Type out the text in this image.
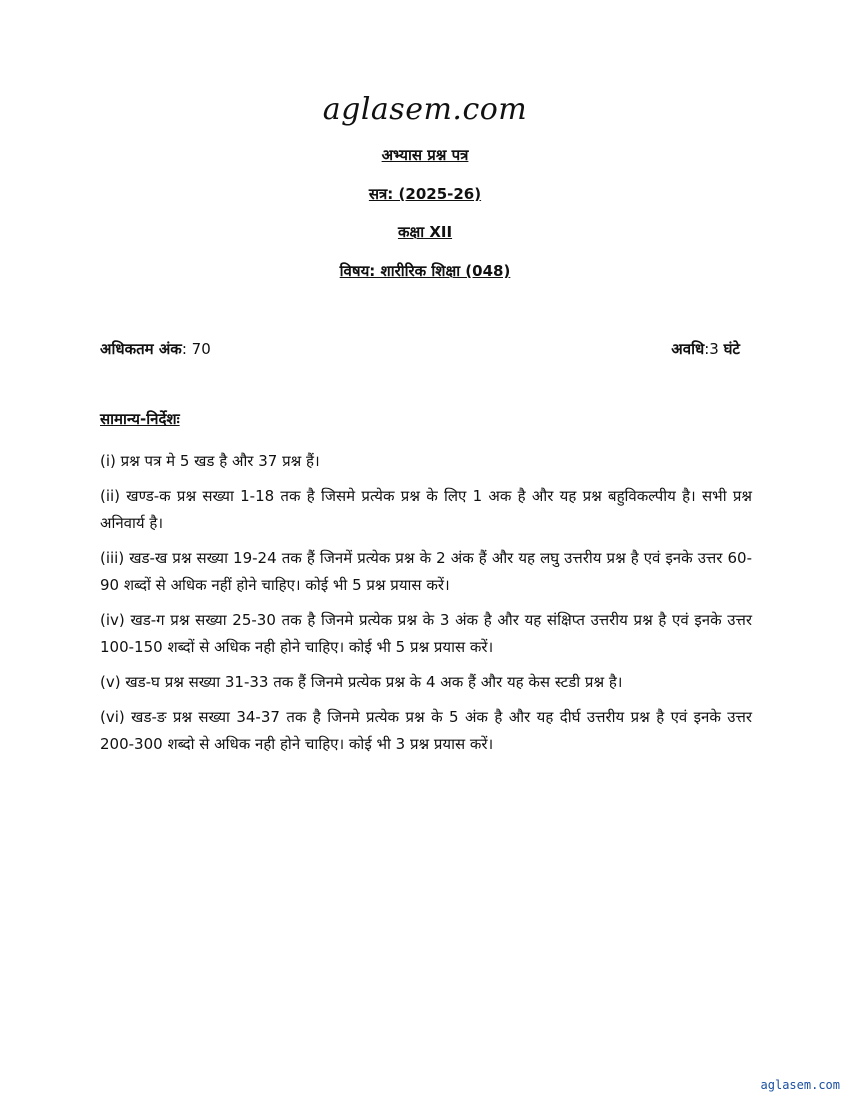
aglasem.com
अभ्यास प्रश्न पत्र
सत्र: (2025-26)
कक्षा XII
विषय: शारीरिक शिक्षा (048)
अधिकतम अंक: 70	अवधि:3 घंटे
सामान्य-निर्देशः
(i) प्रश्न पत्र मे 5 खड है और 37 प्रश्न हैं।
(ii) खण्ड-क प्रश्न सख्या 1-18 तक है जिसमे प्रत्येक प्रश्न के लिए 1 अक है और यह प्रश्न बहुविकल्पीय है। सभी प्रश्न अनिवार्य है।
(iii) खड-ख प्रश्न सख्या 19-24 तक हैं जिनमें प्रत्येक प्रश्न के 2 अंक हैं और यह लघु उत्तरीय प्रश्न है एवं इनके उत्तर 60-90 शब्दों से अधिक नहीं होने चाहिए। कोई भी 5 प्रश्न प्रयास करें।
(iv) खड-ग प्रश्न सख्या 25-30 तक है जिनमे प्रत्येक प्रश्न के 3 अंक है और यह संक्षिप्त उत्तरीय प्रश्न है एवं इनके उत्तर 100-150 शब्दों से अधिक नही होने चाहिए। कोई भी 5 प्रश्न प्रयास करें।
(v) खड-घ प्रश्न सख्या 31-33 तक हैं जिनमे प्रत्येक प्रश्न के 4 अक हैं और यह केस स्टडी प्रश्न है।
(vi) खड-ङ प्रश्न सख्या 34-37 तक है जिनमे प्रत्येक प्रश्न के 5 अंक है और यह दीर्घ उत्तरीय प्रश्न है एवं इनके उत्तर 200-300 शब्दो से अधिक नही होने चाहिए। कोई भी 3 प्रश्न प्रयास करें।
aglasem.com
